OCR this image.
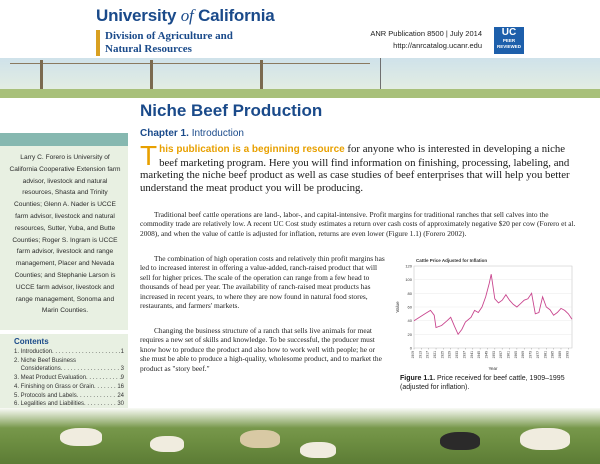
University of California
Division of Agriculture and Natural Resources
ANR Publication 8500 | July 2014
http://anrcatalog.ucanr.edu
UC
PEER
REVIEWED
Larry C. Forero is University of California Cooperative Extension farm advisor, livestock and natural resources, Shasta and Trinity Counties; Glenn A. Nader is UCCE farm advisor, livestock and natural resources, Sutter, Yuba, and Butte Counties; Roger S. Ingram is UCCE farm advisor, livestock and range management, Placer and Nevada Counties; and Stephanie Larson is UCCE farm advisor, livestock and range management, Sonoma and Marin Counties.
Contents
1. Introduction . . .	1
2. Niche Beef Business
Considerations . . .	3
3. Meat Product Evaluation . . .	9
4. Finishing on Grass or Grain . . .	16
5. Protocols and Labels . . .	24
6. Legalities and Liabilities . . .	30
. . .
Niche Beef Production
Chapter 1. Introduction
This publication is a beginning resource for anyone who is interested in developing a niche beef marketing program. Here you will find information on finishing, processing, labeling, and marketing the niche beef product as well as case studies of beef enterprises that will help you better understand the meat product you will be producing.

Traditional beef cattle operations are land-, labor-, and capital-intensive. Profit margins for traditional ranches that sell calves into the commodity trade are relatively low. A recent UC Cost study estimates a return over cash costs of approximately negative $20 per cow (Forero et al. 2008), and when the value of cattle is adjusted for inflation, returns are even lower (Figure 1.1) (Forero 2002).

The combination of high operation costs and relatively thin profit margins has led to increased interest in offering a value-added, ranch-raised product that will sell for higher prices. The scale of the operation can range from a few head to thousands of head per year. The availability of ranch-raised meat products has increased in recent years, to where they are now found in natural food stores, restaurants, and farmers' markets.

Changing the business structure of a ranch that sells live animals for meat requires a new set of skills and knowledge. To be successful, the producer must know how to produce the product and also how to work well with people; he or she must be able to produce a high-quality, wholesome product, and to market the product as "story beef."

Cattle Price Adjusted for Inflation
0
20
40
60
80
100
120
1909 1913 1917 1921 1925 1929 1933 1937 1941 1945 1949 1953 1957 1961 1965 1969 1973 1977 1981 1985 1989 1993
Value
Year
Figure 1.1. Price received for beef cattle, 1909–1995 (adjusted for inflation).
